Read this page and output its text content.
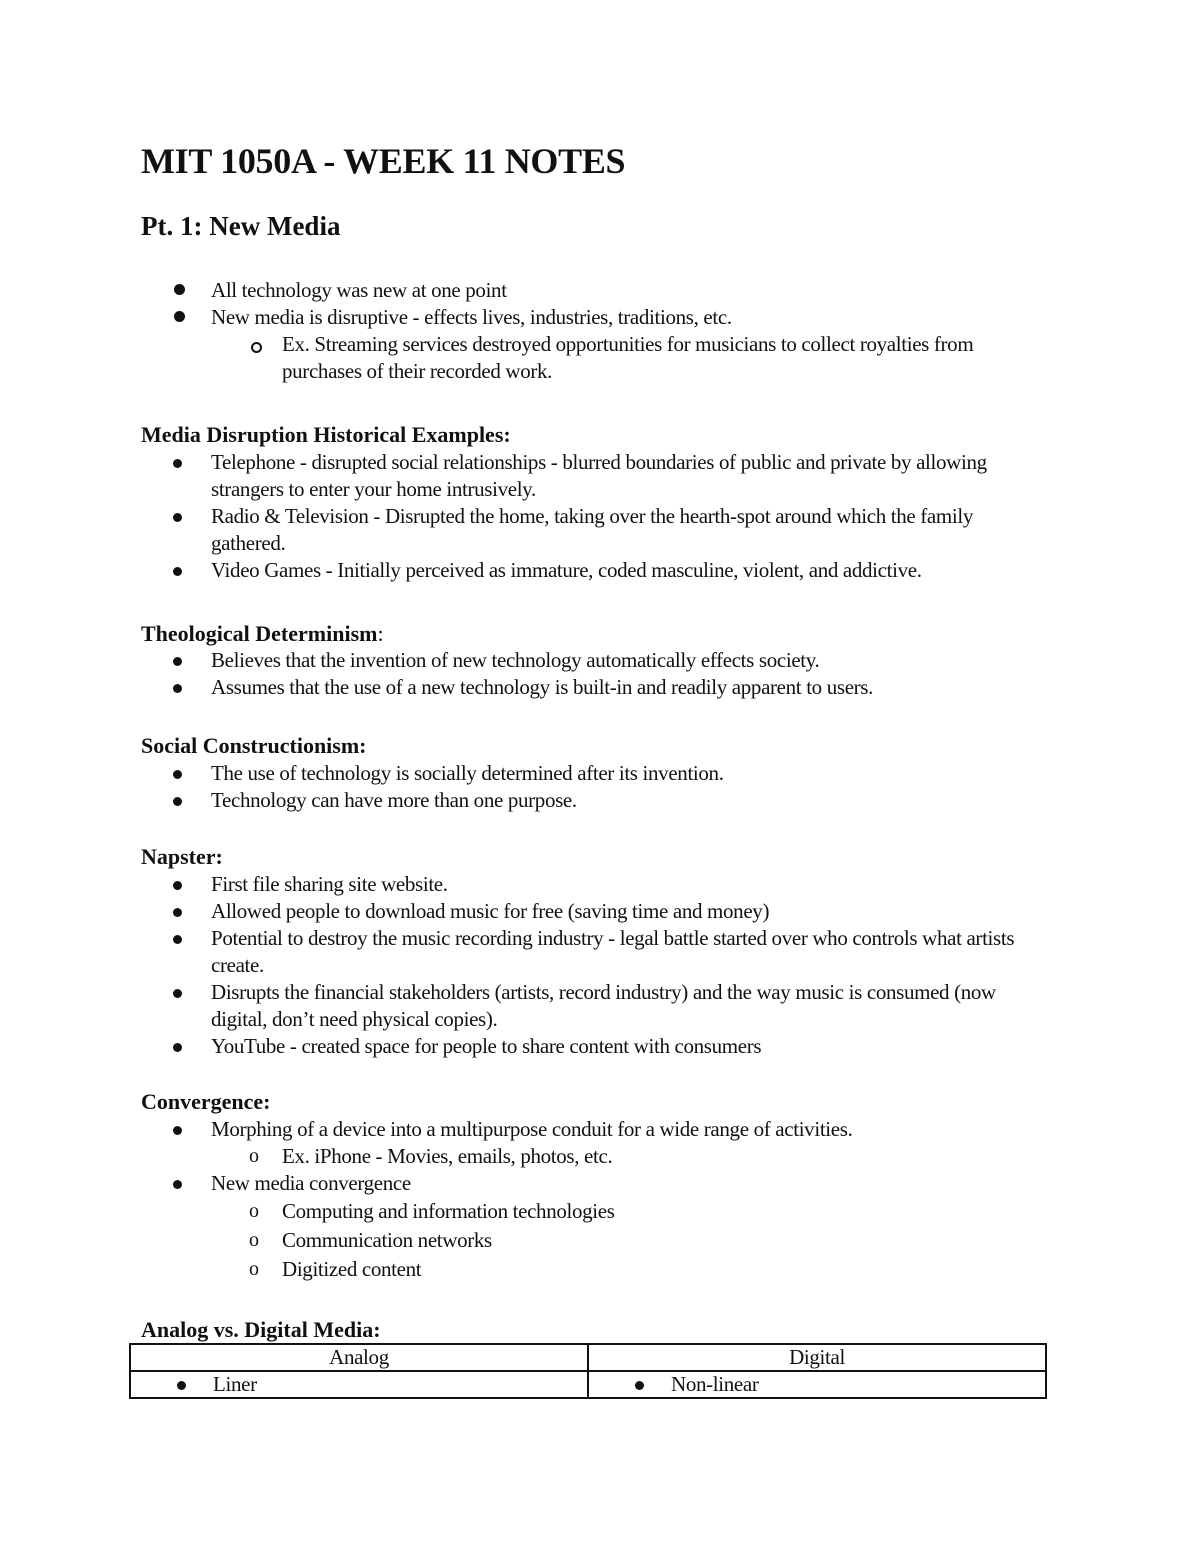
MIT 1050A - WEEK 11 NOTES
Pt. 1: New Media
All technology was new at one point
New media is disruptive - effects lives, industries, traditions, etc.
Ex. Streaming services destroyed opportunities for musicians to collect royalties from purchases of their recorded work.
Media Disruption Historical Examples:
Telephone - disrupted social relationships - blurred boundaries of public and private by allowing strangers to enter your home intrusively.
Radio & Television - Disrupted the home, taking over the hearth-spot around which the family gathered.
Video Games - Initially perceived as immature, coded masculine, violent, and addictive.
Theological Determinism:
Believes that the invention of new technology automatically effects society.
Assumes that the use of a new technology is built-in and readily apparent to users.
Social Constructionism:
The use of technology is socially determined after its invention.
Technology can have more than one purpose.
Napster:
First file sharing site website.
Allowed people to download music for free (saving time and money)
Potential to destroy the music recording industry - legal battle started over who controls what artists create.
Disrupts the financial stakeholders (artists, record industry) and the way music is consumed (now digital, don’t need physical copies).
YouTube - created space for people to share content with consumers
Convergence:
Morphing of a device into a multipurpose conduit for a wide range of activities.
o Ex. iPhone - Movies, emails, photos, etc.
New media convergence
o Computing and information technologies
o Communication networks
o Digitized content
Analog vs. Digital Media:
Analog	Digital

Liner	Non-linear
